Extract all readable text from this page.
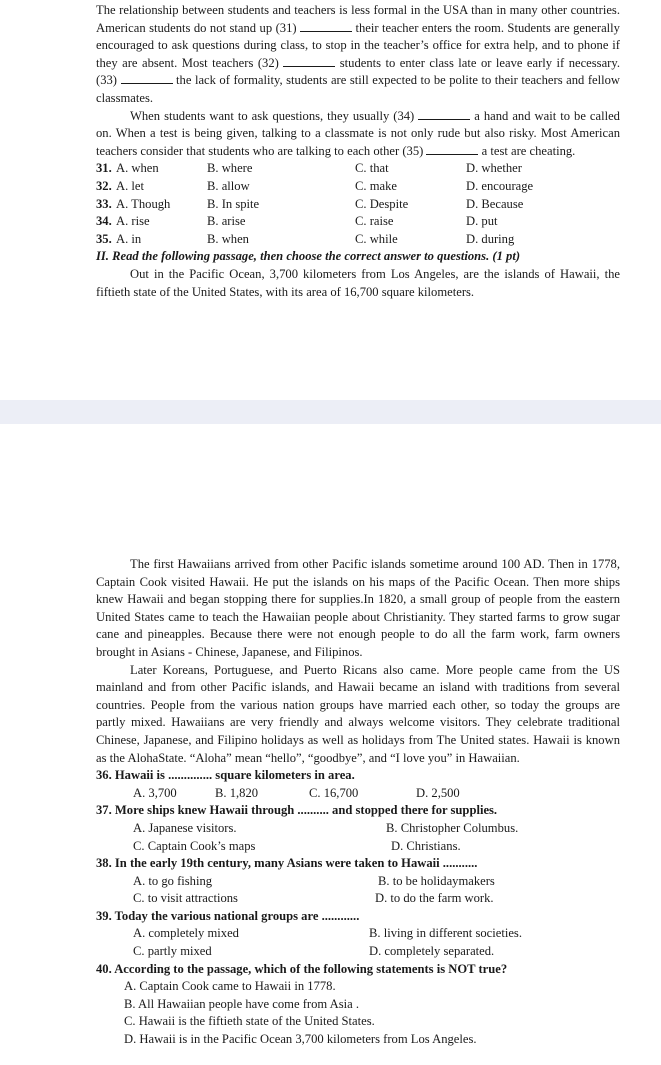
The relationship between students and teachers is less formal in the USA than in many other countries. American students do not stand up (31)	their teacher enters the room. Students are generally encouraged to ask questions during class, to stop in the teacher’s office for extra help, and to phone if they are absent. Most teachers (32)	students to enter class late or leave early if necessary. (33)	the lack of formality, students are still expected to be polite to their teachers and fellow classmates.

When students want to ask questions, they usually (34)	a hand and wait to be called on. When a test is being given, talking to a classmate is not only rude but also risky. Most American teachers consider that students who are talking to each other (35)	a test are cheating.

31. A. when	B. where	C. that	D. whether
32. A. let	B. allow	C. make	D. encourage
33. A. Though	B. In spite	C. Despite	D. Because
34. A. rise	B. arise	C. raise	D. put
35. A. in	B. when	C. while	D. during

II. Read the following passage, then choose the correct answer to questions. (1 pt)

Out in the Pacific Ocean, 3,700 kilometers from Los Angeles, are the islands of Hawaii, the fiftieth state of the United States, with its area of 16,700 square kilometers.

The first Hawaiians arrived from other Pacific islands sometime around 100 AD. Then in 1778, Captain Cook visited Hawaii. He put the islands on his maps of the Pacific Ocean. Then more ships knew Hawaii and began stopping there for supplies.In 1820, a small group of people from the eastern United States came to teach the Hawaiian people about Christianity. They started farms to grow sugar cane and pineapples. Because there were not enough people to do all the farm work, farm owners brought in Asians - Chinese, Japanese, and Filipinos.

Later Koreans, Portuguese, and Puerto Ricans also came. More people came from the US mainland and from other Pacific islands, and Hawaii became an island with traditions from several countries. People from the various nation groups have married each other, so today the groups are partly mixed. Hawaiians are very friendly and always welcome visitors. They celebrate traditional Chinese, Japanese, and Filipino holidays as well as holidays from The United states. Hawaii is known as the AlohaState. “Aloha” mean “hello”, “goodbye”, and “I love you” in Hawaiian.

36. Hawaii is .............. square kilometers in area.
A. 3,700	B. 1,820	C. 16,700	D. 2,500
37. More ships knew Hawaii through .......... and stopped there for supplies.
A. Japanese visitors.	B. Christopher Columbus.
C. Captain Cook’s maps	D. Christians.
38. In the early 19th century, many Asians were taken to Hawaii ...........
A. to go fishing	B. to be holidaymakers
C. to visit attractions	D. to do the farm work.
39. Today the various national groups are ............
A. completely mixed	B. living in different societies.
C. partly mixed	D. completely separated.
40. According to the passage, which of the following statements is NOT true?
A. Captain Cook came to Hawaii in 1778.
B. All Hawaiian people have come from Asia .
C. Hawaii is the fiftieth state of the United States.
D. Hawaii is in the Pacific Ocean 3,700 kilometers from Los Angeles.
